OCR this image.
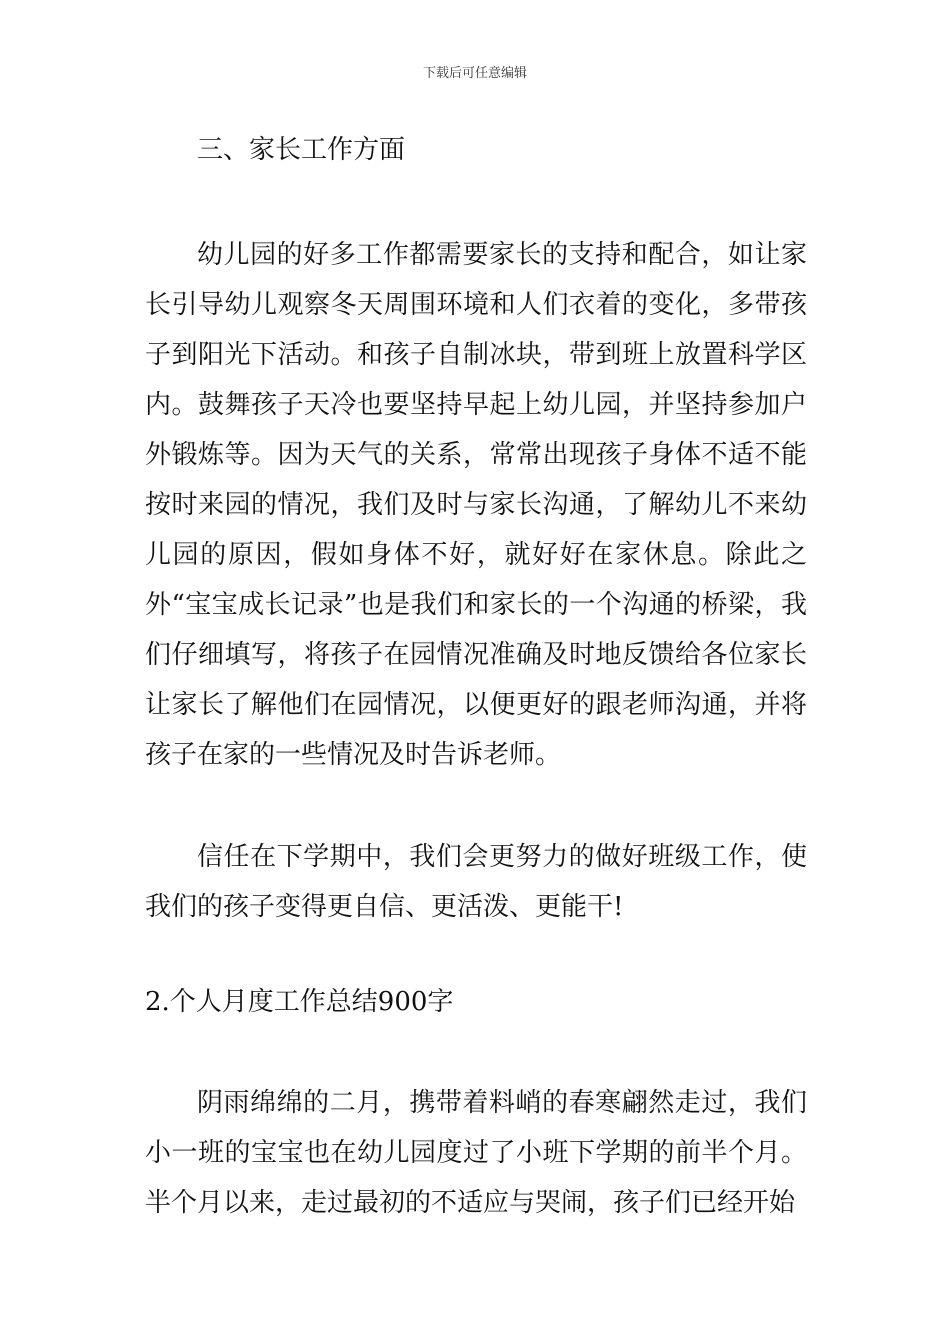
下载后可任意编辑
三、家长工作方面

幼儿园的好多工作都需要家长的支持和配合，如让家长引导幼儿观察冬天周围环境和人们衣着的变化，多带孩子到阳光下活动。和孩子自制冰块，带到班上放置科学区内。鼓舞孩子天冷也要坚持早起上幼儿园，并坚持参加户外锻炼等。因为天气的关系，常常出现孩子身体不适不能按时来园的情况，我们及时与家长沟通，了解幼儿不来幼儿园的原因，假如身体不好，就好好在家休息。除此之外“宝宝成长记录”也是我们和家长的一个沟通的桥梁，我们仔细填写，将孩子在园情况准确及时地反馈给各位家长让家长了解他们在园情况，以便更好的跟老师沟通，并将孩子在家的一些情况及时告诉老师。

信任在下学期中，我们会更努力的做好班级工作，使我们的孩子变得更自信、更活泼、更能干!

2.个人月度工作总结900字

阴雨绵绵的二月，携带着料峭的春寒翩然走过，我们小一班的宝宝也在幼儿园度过了小班下学期的前半个月。半个月以来，走过最初的不适应与哭闹，孩子们已经开始
